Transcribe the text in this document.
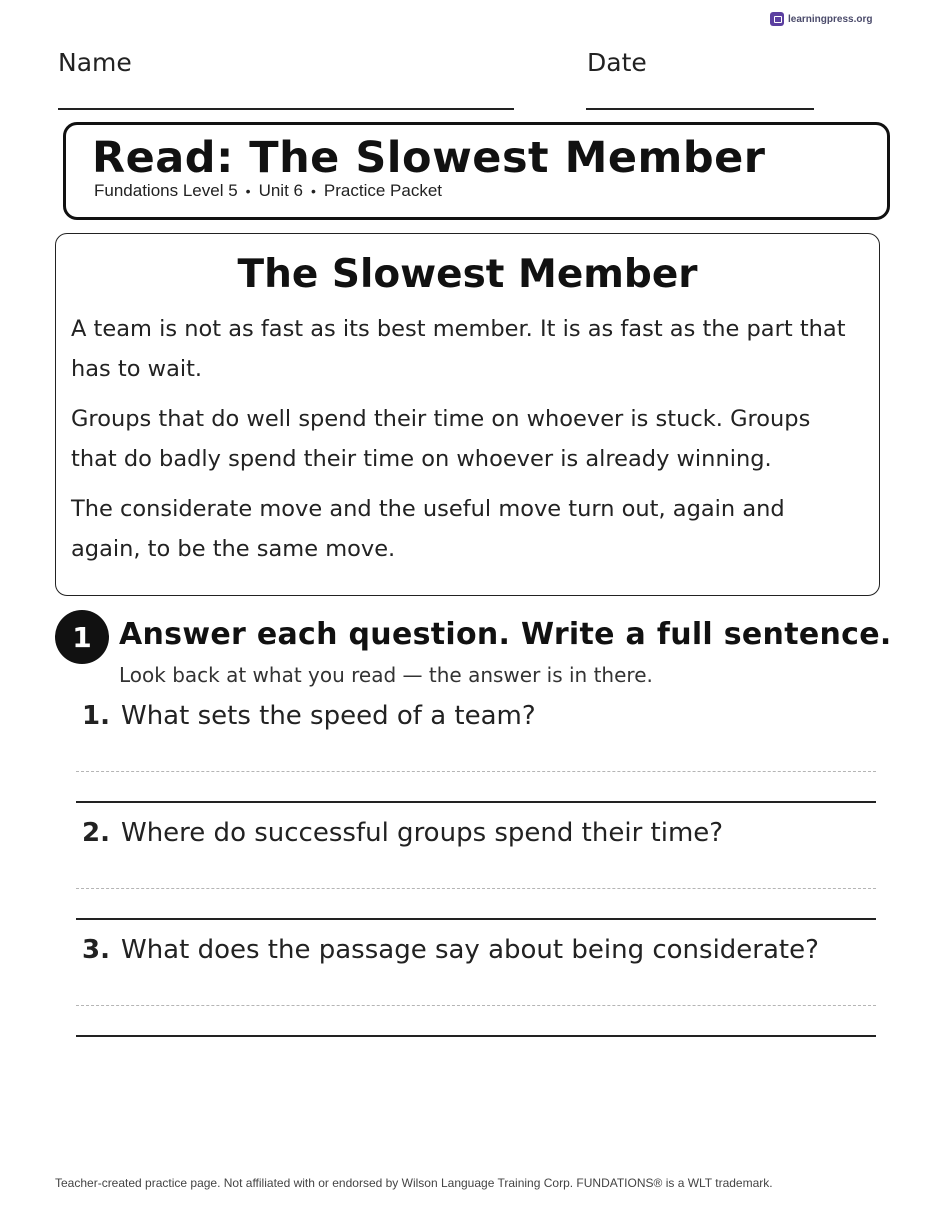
learningpress.org
Name	Date
Read: The Slowest Member
Fundations Level 5 • Unit 6 • Practice Packet
The Slowest Member

A team is not as fast as its best member. It is as fast as the part that has to wait.

Groups that do well spend their time on whoever is stuck. Groups that do badly spend their time on whoever is already winning.

The considerate move and the useful move turn out, again and again, to be the same move.

1 Answer each question. Write a full sentence.
Look back at what you read — the answer is in there.
1. What sets the speed of a team?
2. Where do successful groups spend their time?
3. What does the passage say about being considerate?
Teacher-created practice page. Not affiliated with or endorsed by Wilson Language Training Corp. FUNDATIONS® is a WLT trademark.
